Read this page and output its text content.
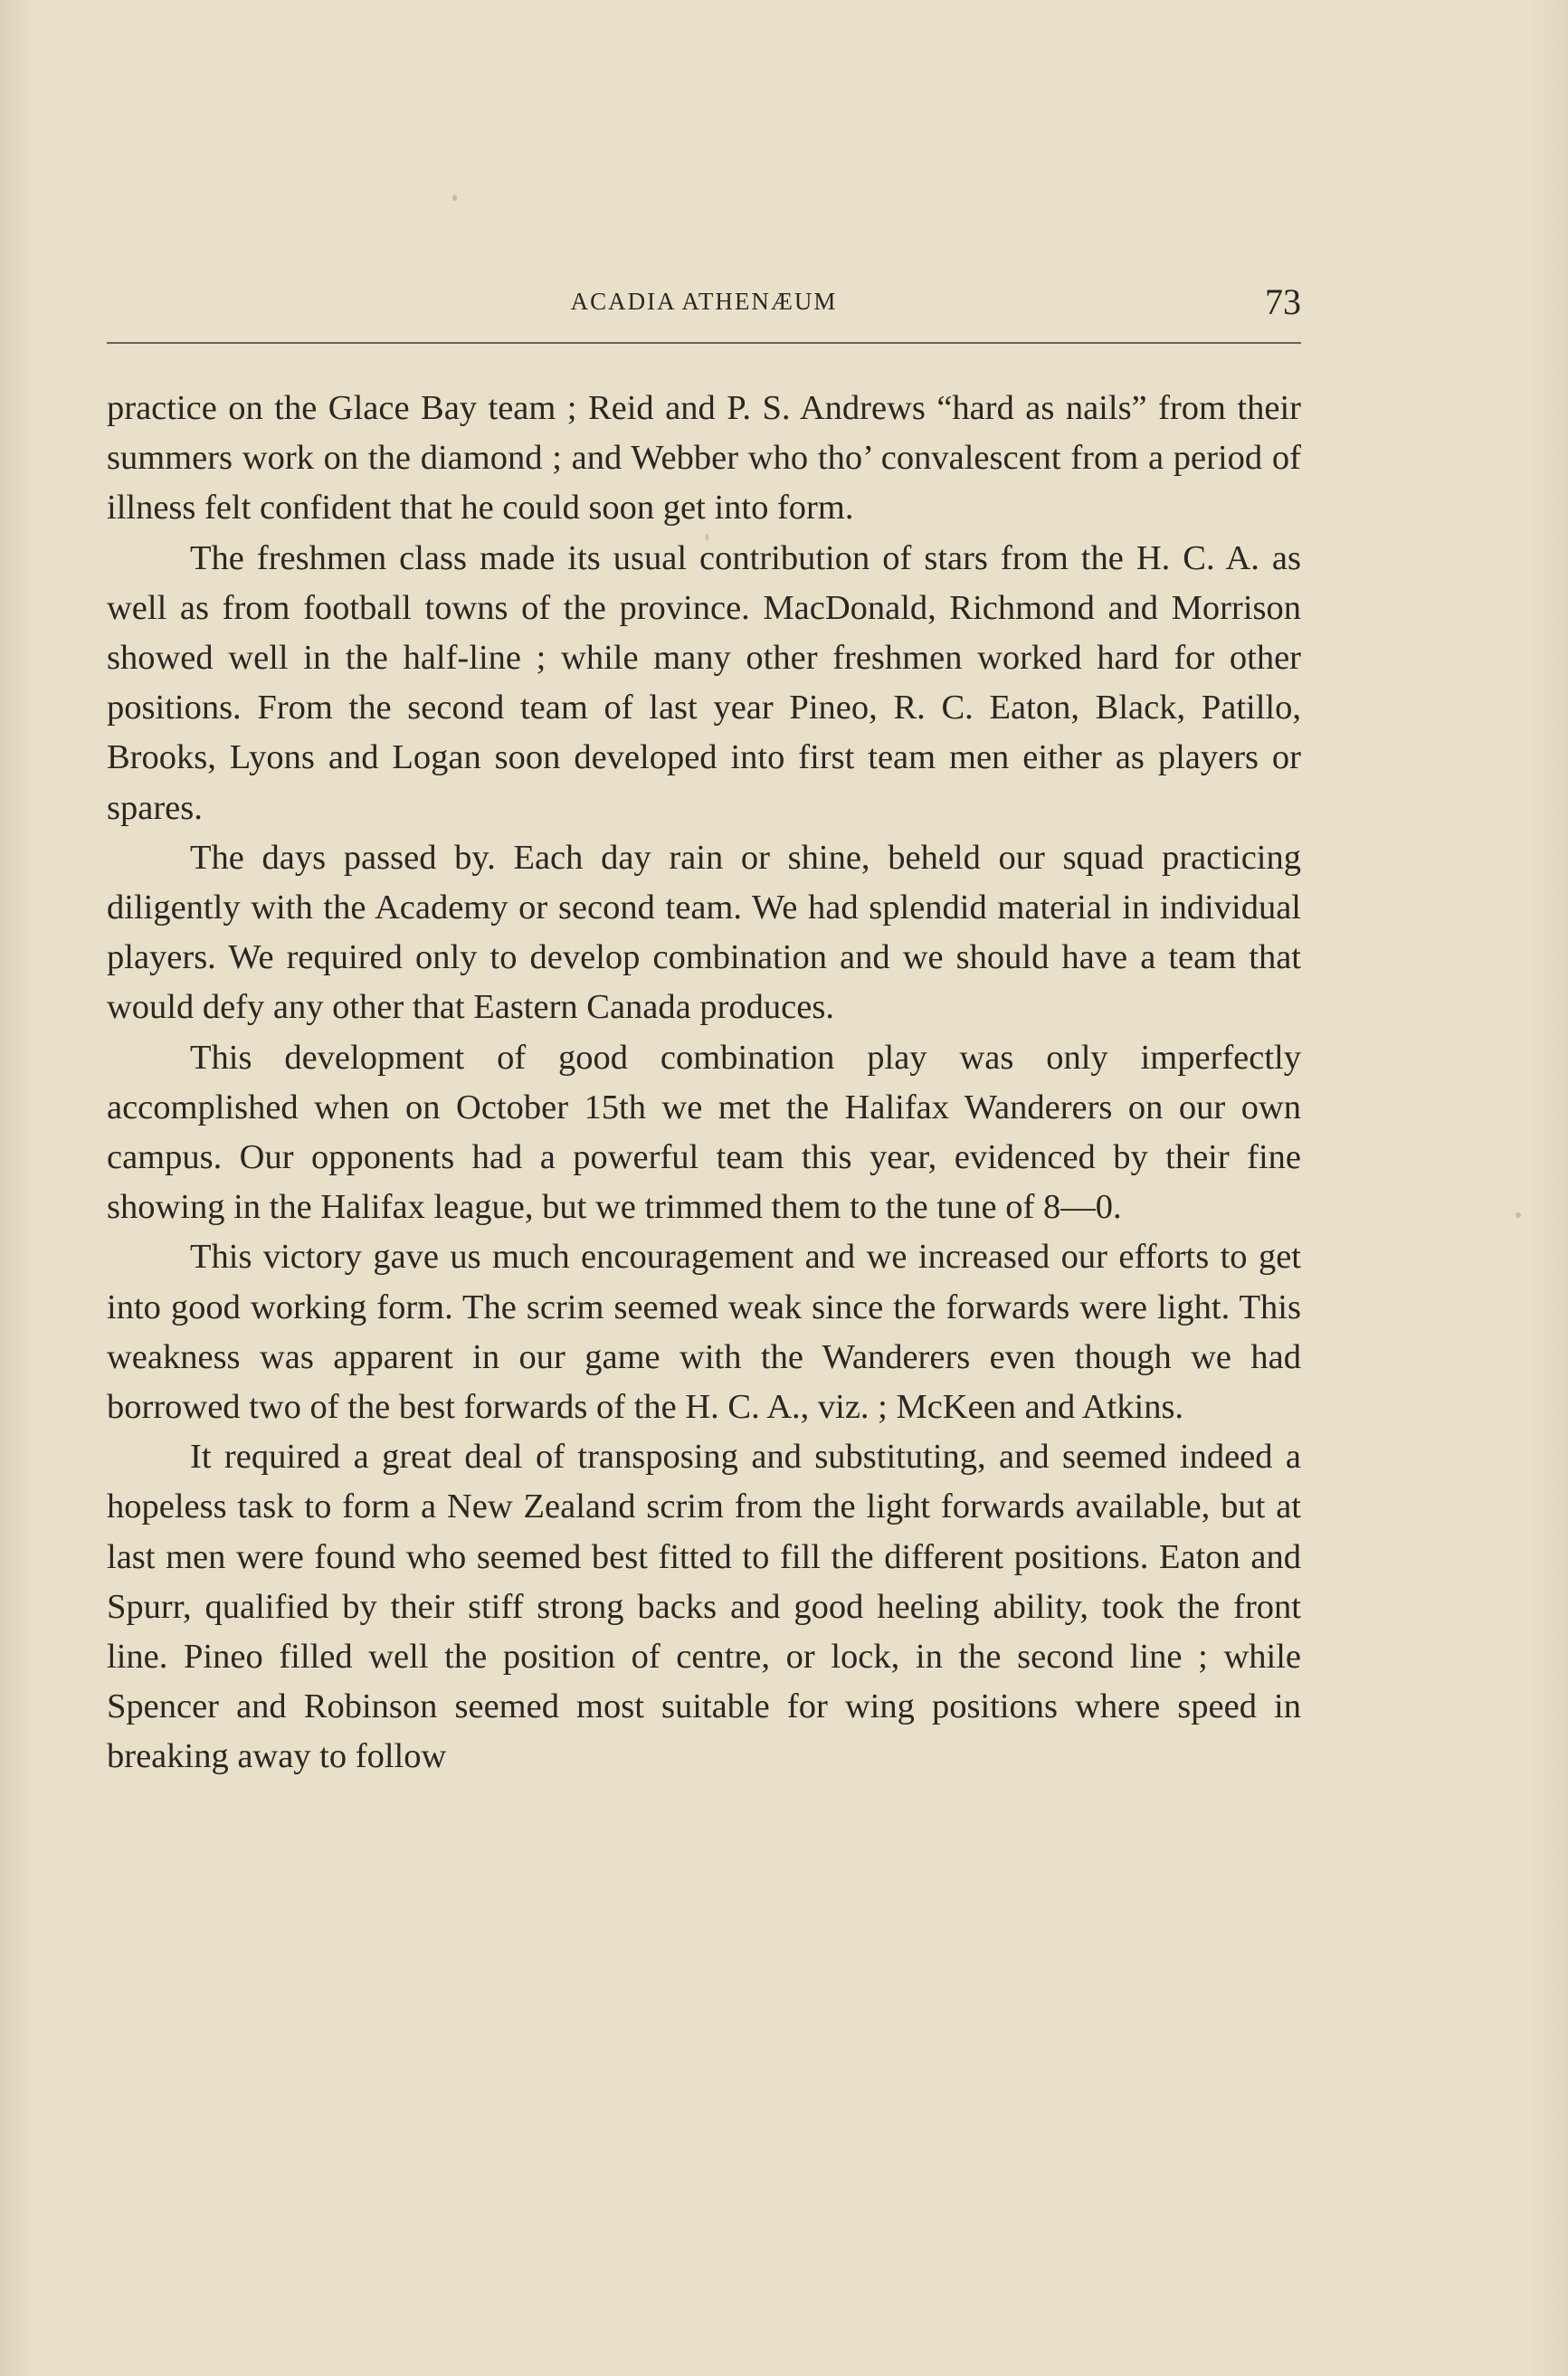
ACADIA ATHENÆUM	73

practice on the Glace Bay team ; Reid and P. S. Andrews “hard as nails” from their summers work on the diamond ; and Webber who tho’ convalescent from a period of illness felt confident that he could soon get into form.

The freshmen class made its usual contribution of stars from the H. C. A. as well as from football towns of the province. MacDonald, Richmond and Morrison showed well in the half-line ; while many other freshmen worked hard for other positions. From the second team of last year Pineo, R. C. Eaton, Black, Patillo, Brooks, Lyons and Logan soon developed into first team men either as players or spares.

The days passed by. Each day rain or shine, beheld our squad practicing diligently with the Academy or second team. We had splendid material in individual players. We required only to develop combination and we should have a team that would defy any other that Eastern Canada produces.

This development of good combination play was only imperfectly accomplished when on October 15th we met the Halifax Wanderers on our own campus. Our opponents had a powerful team this year, evidenced by their fine showing in the Halifax league, but we trimmed them to the tune of 8—0.

This victory gave us much encouragement and we increased our efforts to get into good working form. The scrim seemed weak since the forwards were light. This weakness was apparent in our game with the Wanderers even though we had borrowed two of the best forwards of the H. C. A., viz. ; McKeen and Atkins.

It required a great deal of transposing and substituting, and seemed indeed a hopeless task to form a New Zealand scrim from the light forwards available, but at last men were found who seemed best fitted to fill the different positions. Eaton and Spurr, qualified by their stiff strong backs and good heeling ability, took the front line. Pineo filled well the position of centre, or lock, in the second line ; while Spencer and Robinson seemed most suitable for wing positions where speed in breaking away to follow
